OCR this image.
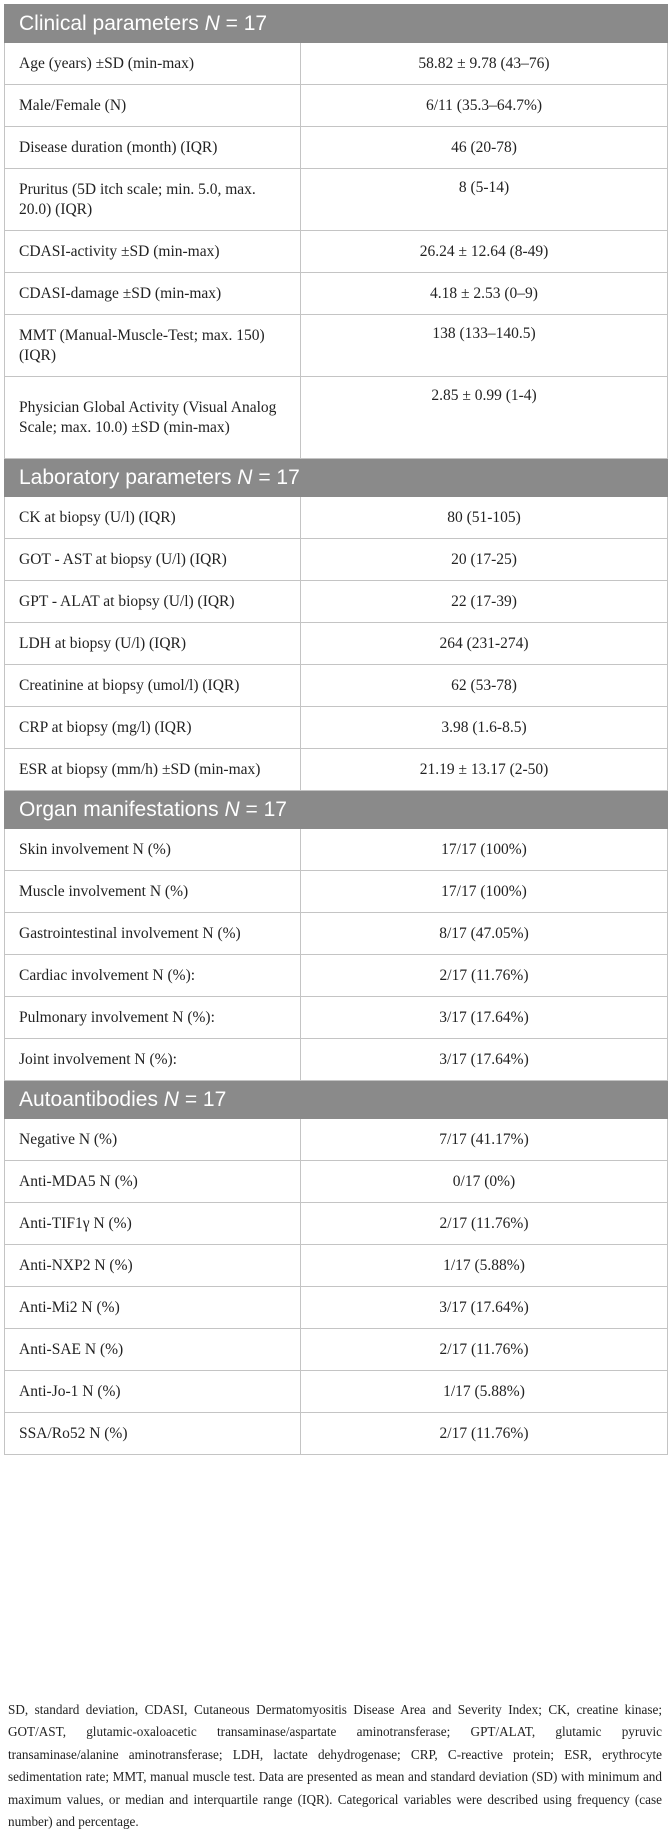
Clinical parameters N = 17	
Age (years) ±SD (min-max)	58.82 ± 9.78 (43–76)
Male/Female (N)	6/11 (35.3–64.7%)
Disease duration (month) (IQR)	46 (20-78)
Pruritus (5D itch scale; min. 5.0, max. 20.0) (IQR)	8 (5-14)
CDASI-activity ±SD (min-max)	26.24 ± 12.64 (8-49)
CDASI-damage ±SD (min-max)	4.18 ± 2.53 (0–9)
MMT (Manual-Muscle-Test; max. 150) (IQR)	138 (133–140.5)
Physician Global Activity (Visual Analog Scale; max. 10.0) ±SD (min-max)	2.85 ± 0.99 (1-4)
Laboratory parameters N = 17	
CK at biopsy (U/l) (IQR)	80 (51-105)
GOT - AST at biopsy (U/l) (IQR)	20 (17-25)
GPT - ALAT at biopsy (U/l) (IQR)	22 (17-39)
LDH at biopsy (U/l) (IQR)	264 (231-274)
Creatinine at biopsy (umol/l) (IQR)	62 (53-78)
CRP at biopsy (mg/l) (IQR)	3.98 (1.6-8.5)
ESR at biopsy (mm/h) ±SD (min-max)	21.19 ± 13.17 (2-50)
Organ manifestations N = 17	
Skin involvement N (%)	17/17 (100%)
Muscle involvement N (%)	17/17 (100%)
Gastrointestinal involvement N (%)	8/17 (47.05%)
Cardiac involvement N (%):	2/17 (11.76%)
Pulmonary involvement N (%):	3/17 (17.64%)
Joint involvement N (%):	3/17 (17.64%)
Autoantibodies N = 17	
Negative N (%)	7/17 (41.17%)
Anti-MDA5 N (%)	0/17 (0%)
Anti-TIF1γ N (%)	2/17 (11.76%)
Anti-NXP2 N (%)	1/17 (5.88%)
Anti-Mi2 N (%)	3/17 (17.64%)
Anti-SAE N (%)	2/17 (11.76%)
Anti-Jo-1 N (%)	1/17 (5.88%)
SSA/Ro52 N (%)	2/17 (11.76%)
SD, standard deviation, CDASI, Cutaneous Dermatomyositis Disease Area and Severity Index; CK, creatine kinase; GOT/AST, glutamic-oxaloacetic transaminase/aspartate aminotransferase; GPT/ALAT, glutamic pyruvic transaminase/alanine aminotransferase; LDH, lactate dehydrogenase; CRP, C-reactive protein; ESR, erythrocyte sedimentation rate; MMT, manual muscle test. Data are presented as mean and standard deviation (SD) with minimum and maximum values, or median and interquartile range (IQR). Categorical variables were described using frequency (case number) and percentage.
